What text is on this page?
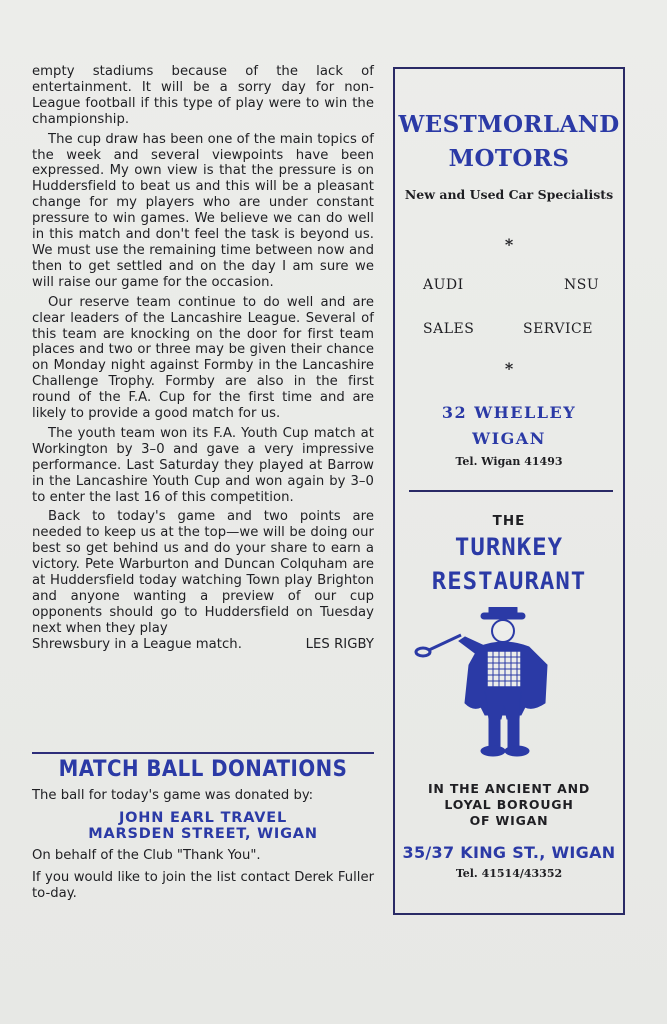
empty stadiums because of the lack of entertainment. It will be a sorry day for non-League football if this type of play were to win the championship.

The cup draw has been one of the main topics of the week and several viewpoints have been expressed. My own view is that the pressure is on Huddersfield to beat us and this will be a pleasant change for my players who are under constant pressure to win games. We believe we can do well in this match and don't feel the task is beyond us. We must use the remaining time between now and then to get settled and on the day I am sure we will raise our game for the occasion.

Our reserve team continue to do well and are clear leaders of the Lancashire League. Several of this team are knocking on the door for first team places and two or three may be given their chance on Monday night against Formby in the Lancashire Challenge Trophy. Formby are also in the first round of the F.A. Cup for the first time and are likely to provide a good match for us.

The youth team won its F.A. Youth Cup match at Workington by 3–0 and gave a very impressive performance. Last Saturday they played at Barrow in the Lancashire Youth Cup and won again by 3–0 to enter the last 16 of this competition.

Back to today's game and two points are needed to keep us at the top—we will be doing our best so get behind us and do your share to earn a victory. Pete Warburton and Duncan Colquham are at Huddersfield today watching Town play Brighton and anyone wanting a preview of our cup opponents should go to Huddersfield on Tuesday next when they play

Shrewsbury in a League match.	LES RIGBY
MATCH BALL DONATIONS
The ball for today's game was donated by:
JOHN EARL TRAVEL
MARSDEN STREET, WIGAN
On behalf of the Club "Thank You".
If you would like to join the list contact Derek Fuller to-day.
WESTMORLAND
MOTORS
New and Used Car Specialists
*
AUDI	NSU
SALES	SERVICE
*
32 WHELLEY
WIGAN
Tel. Wigan 41493
THE
TURNKEY
RESTAURANT
IN THE ANCIENT AND
LOYAL BOROUGH
OF WIGAN
35/37 KING ST., WIGAN
Tel. 41514/43352
